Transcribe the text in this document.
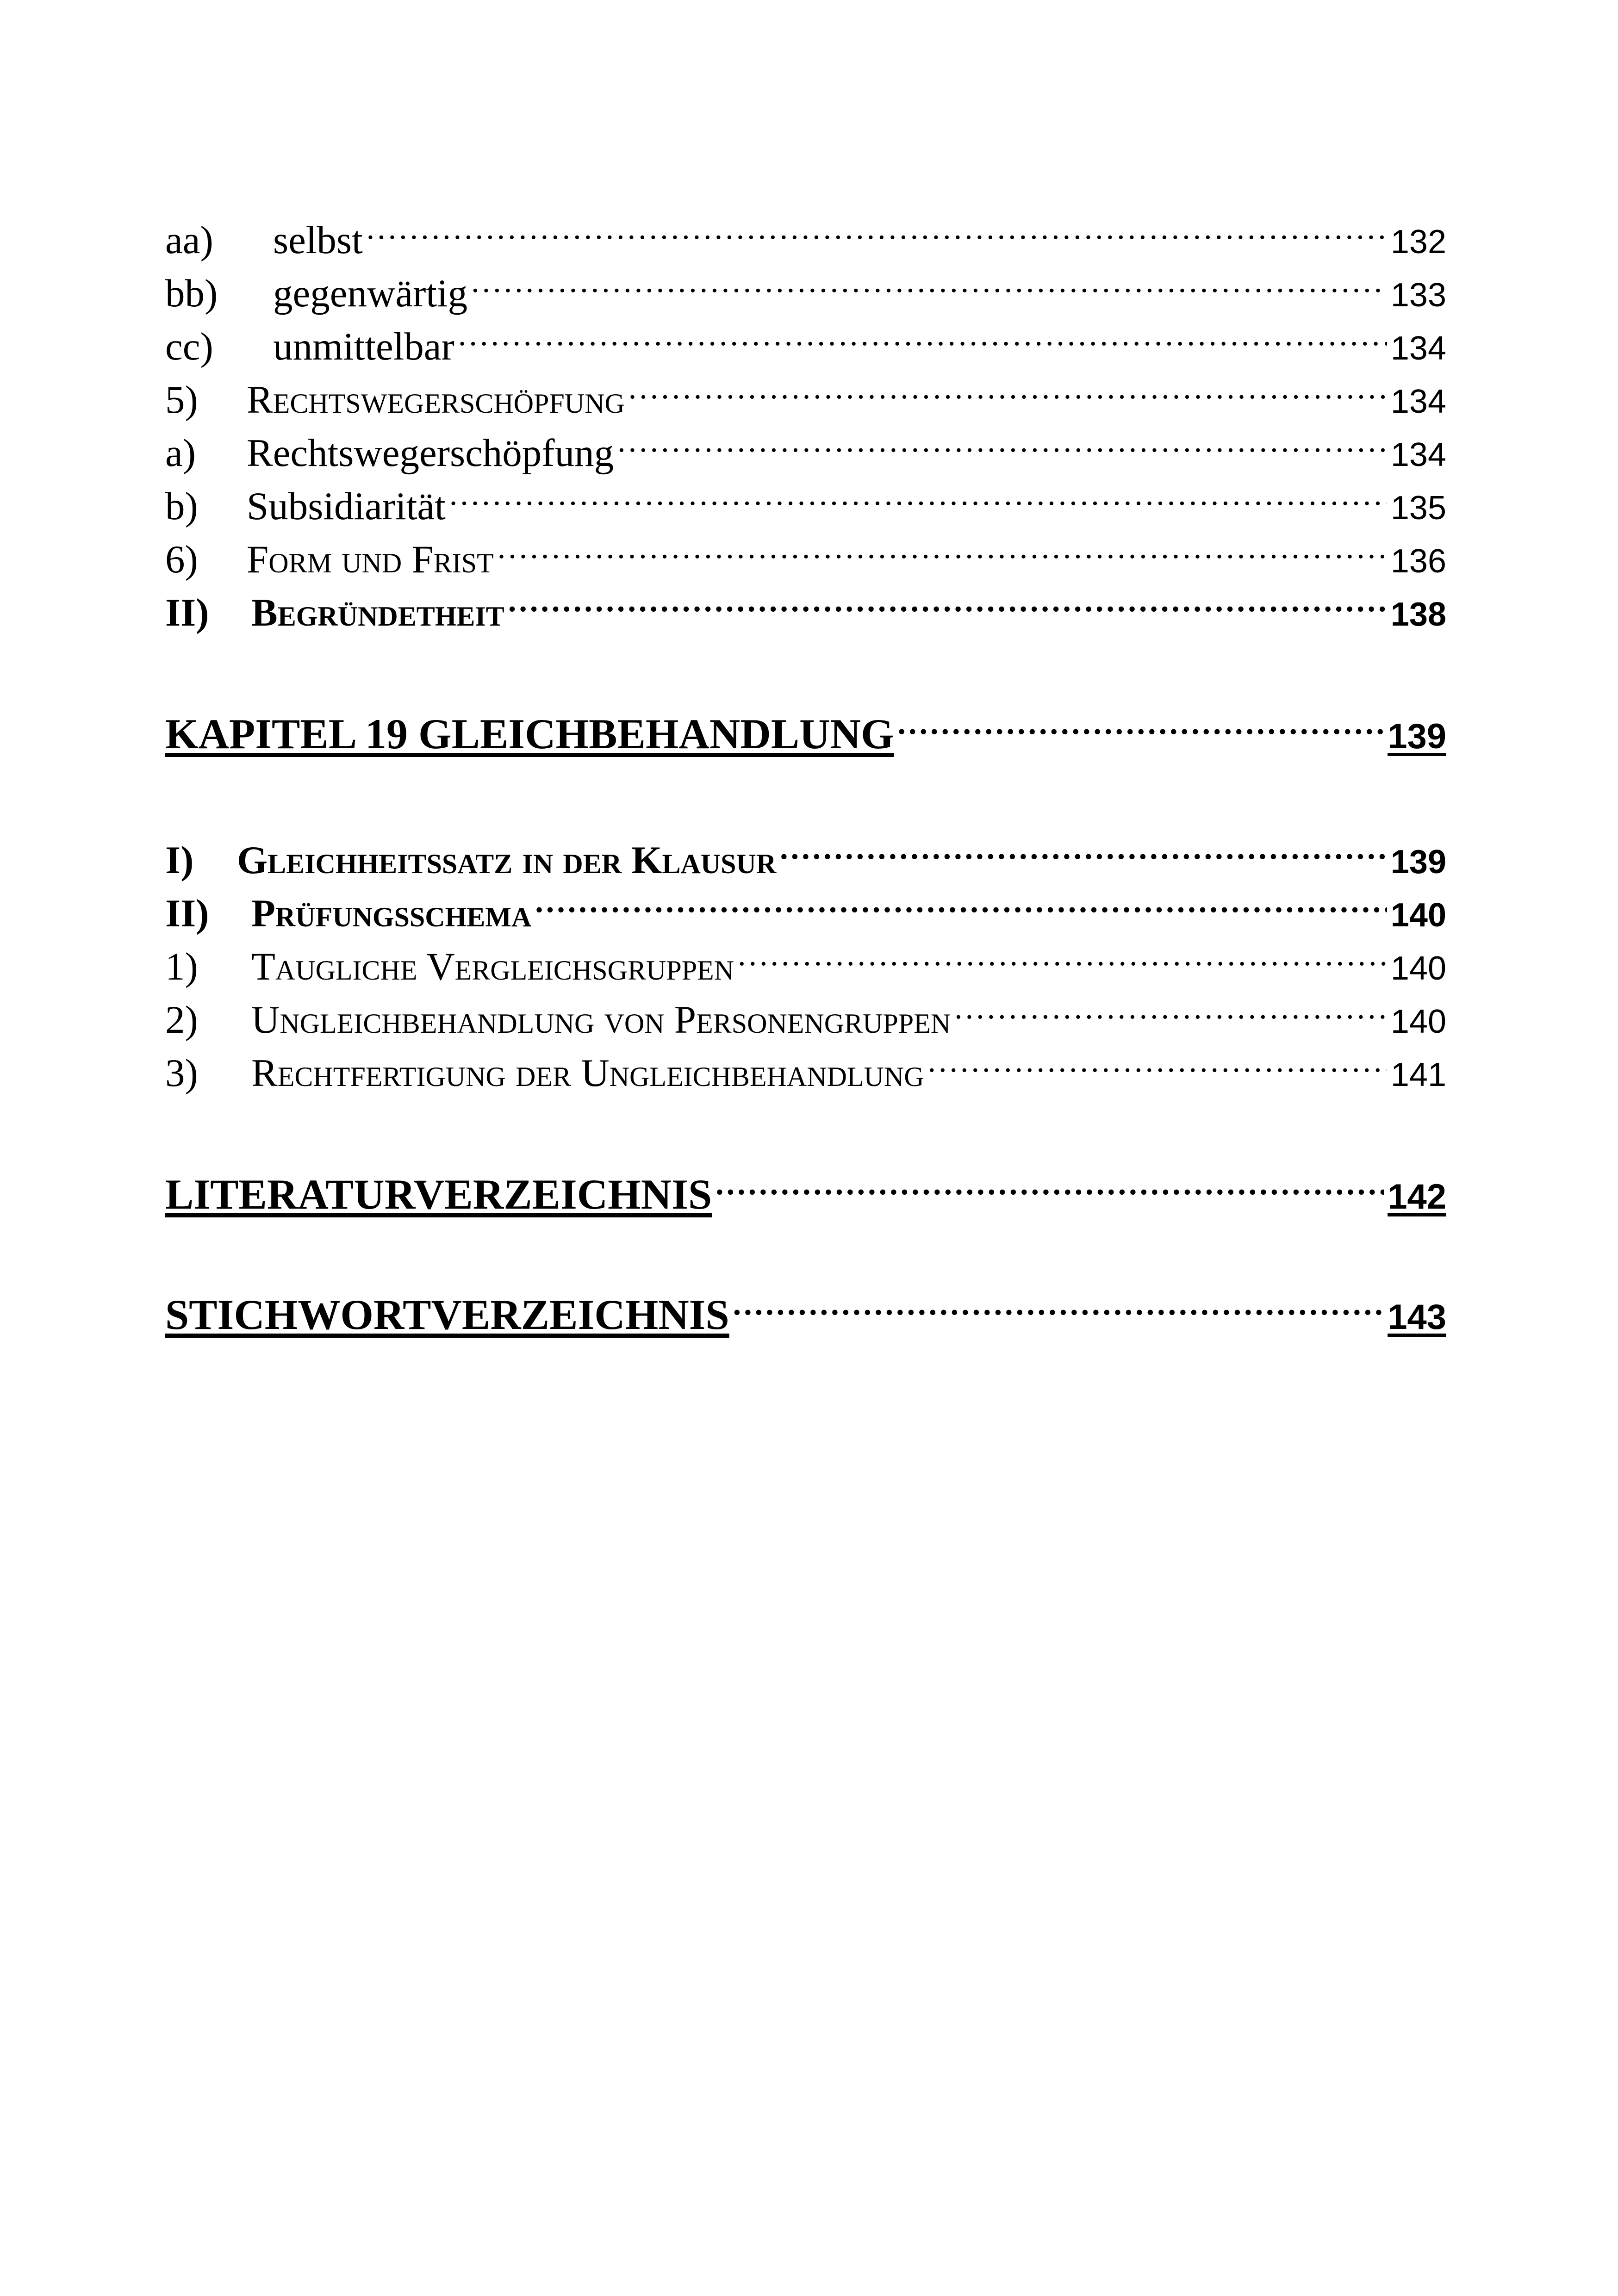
aa)	selbst .....	132
bb)	gegenwärtig .....	133
cc)	unmittelbar .....	134
5)	Rechtswegerschöpfung .....	134
a)	Rechtswegerschöpfung .....	134
b)	Subsidiarität .....	135
6)	Form und Frist .....	136
II)	Begründetheit .....	138
KAPITEL 19 GLEICHBEHANDLUNG .....	139
I)	Gleichheitssatz in der Klausur .....	139
II)	Prüfungsschema .....	140
1)	Taugliche Vergleichsgruppen .....	140
2)	Ungleichbehandlung von Personengruppen .....	140
3)	Rechtfertigung der Ungleichbehandlung .....	141
LITERATURVERZEICHNIS .....	142
STICHWORTVERZEICHNIS .....	143
